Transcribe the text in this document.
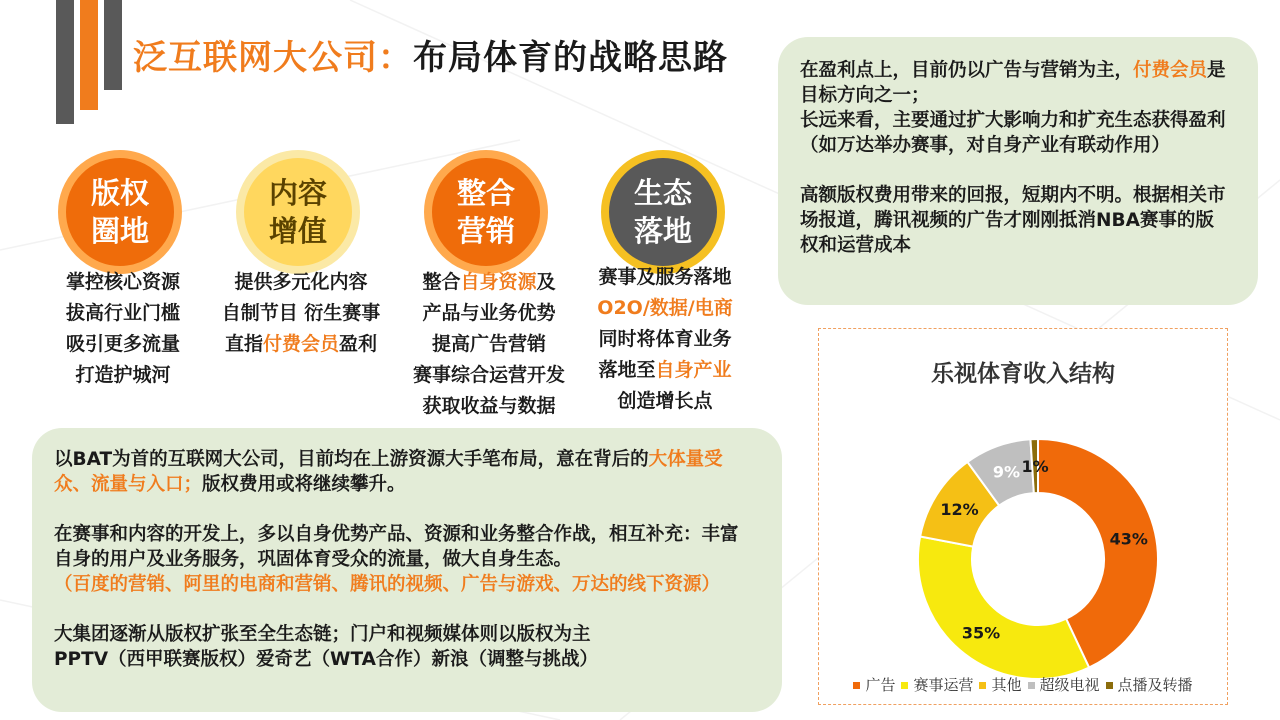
泛互联网大公司：布局体育的战略思路
版权
圈地
内容
增值
整合
营销
生态
落地
掌控核心资源
拔高行业门槛
吸引更多流量
打造护城河
提供多元化内容
自制节目 衍生赛事
直指付费会员盈利
整合自身资源及
产品与业务优势
提高广告营销
赛事综合运营开发
获取收益与数据
赛事及服务落地
O2O/数据/电商
同时将体育业务
落地至自身产业
创造增长点
在盈利点上，目前仍以广告与营销为主，付费会员是目标方向之一；
长远来看，主要通过扩大影响力和扩充生态获得盈利
（如万达举办赛事，对自身产业有联动作用）
高额版权费用带来的回报，短期内不明。根据相关市场报道，腾讯视频的广告才刚刚抵消NBA赛事的版权和运营成本
以BAT为首的互联网大公司，目前均在上游资源大手笔布局，意在背后的大体量受众、流量与入口；版权费用或将继续攀升。
在赛事和内容的开发上，多以自身优势产品、资源和业务整合作战，相互补充：丰富自身的用户及业务服务，巩固体育受众的流量，做大自身生态。
（百度的营销、阿里的电商和营销、腾讯的视频、广告与游戏、万达的线下资源）
大集团逐渐从版权扩张至全生态链；门户和视频媒体则以版权为主
PPTV（西甲联赛版权）爱奇艺（WTA合作）新浪（调整与挑战）
乐视体育收入结构
43%
35%
12%
9% 1%
广告 赛事运营 其他 超级电视 点播及转播
